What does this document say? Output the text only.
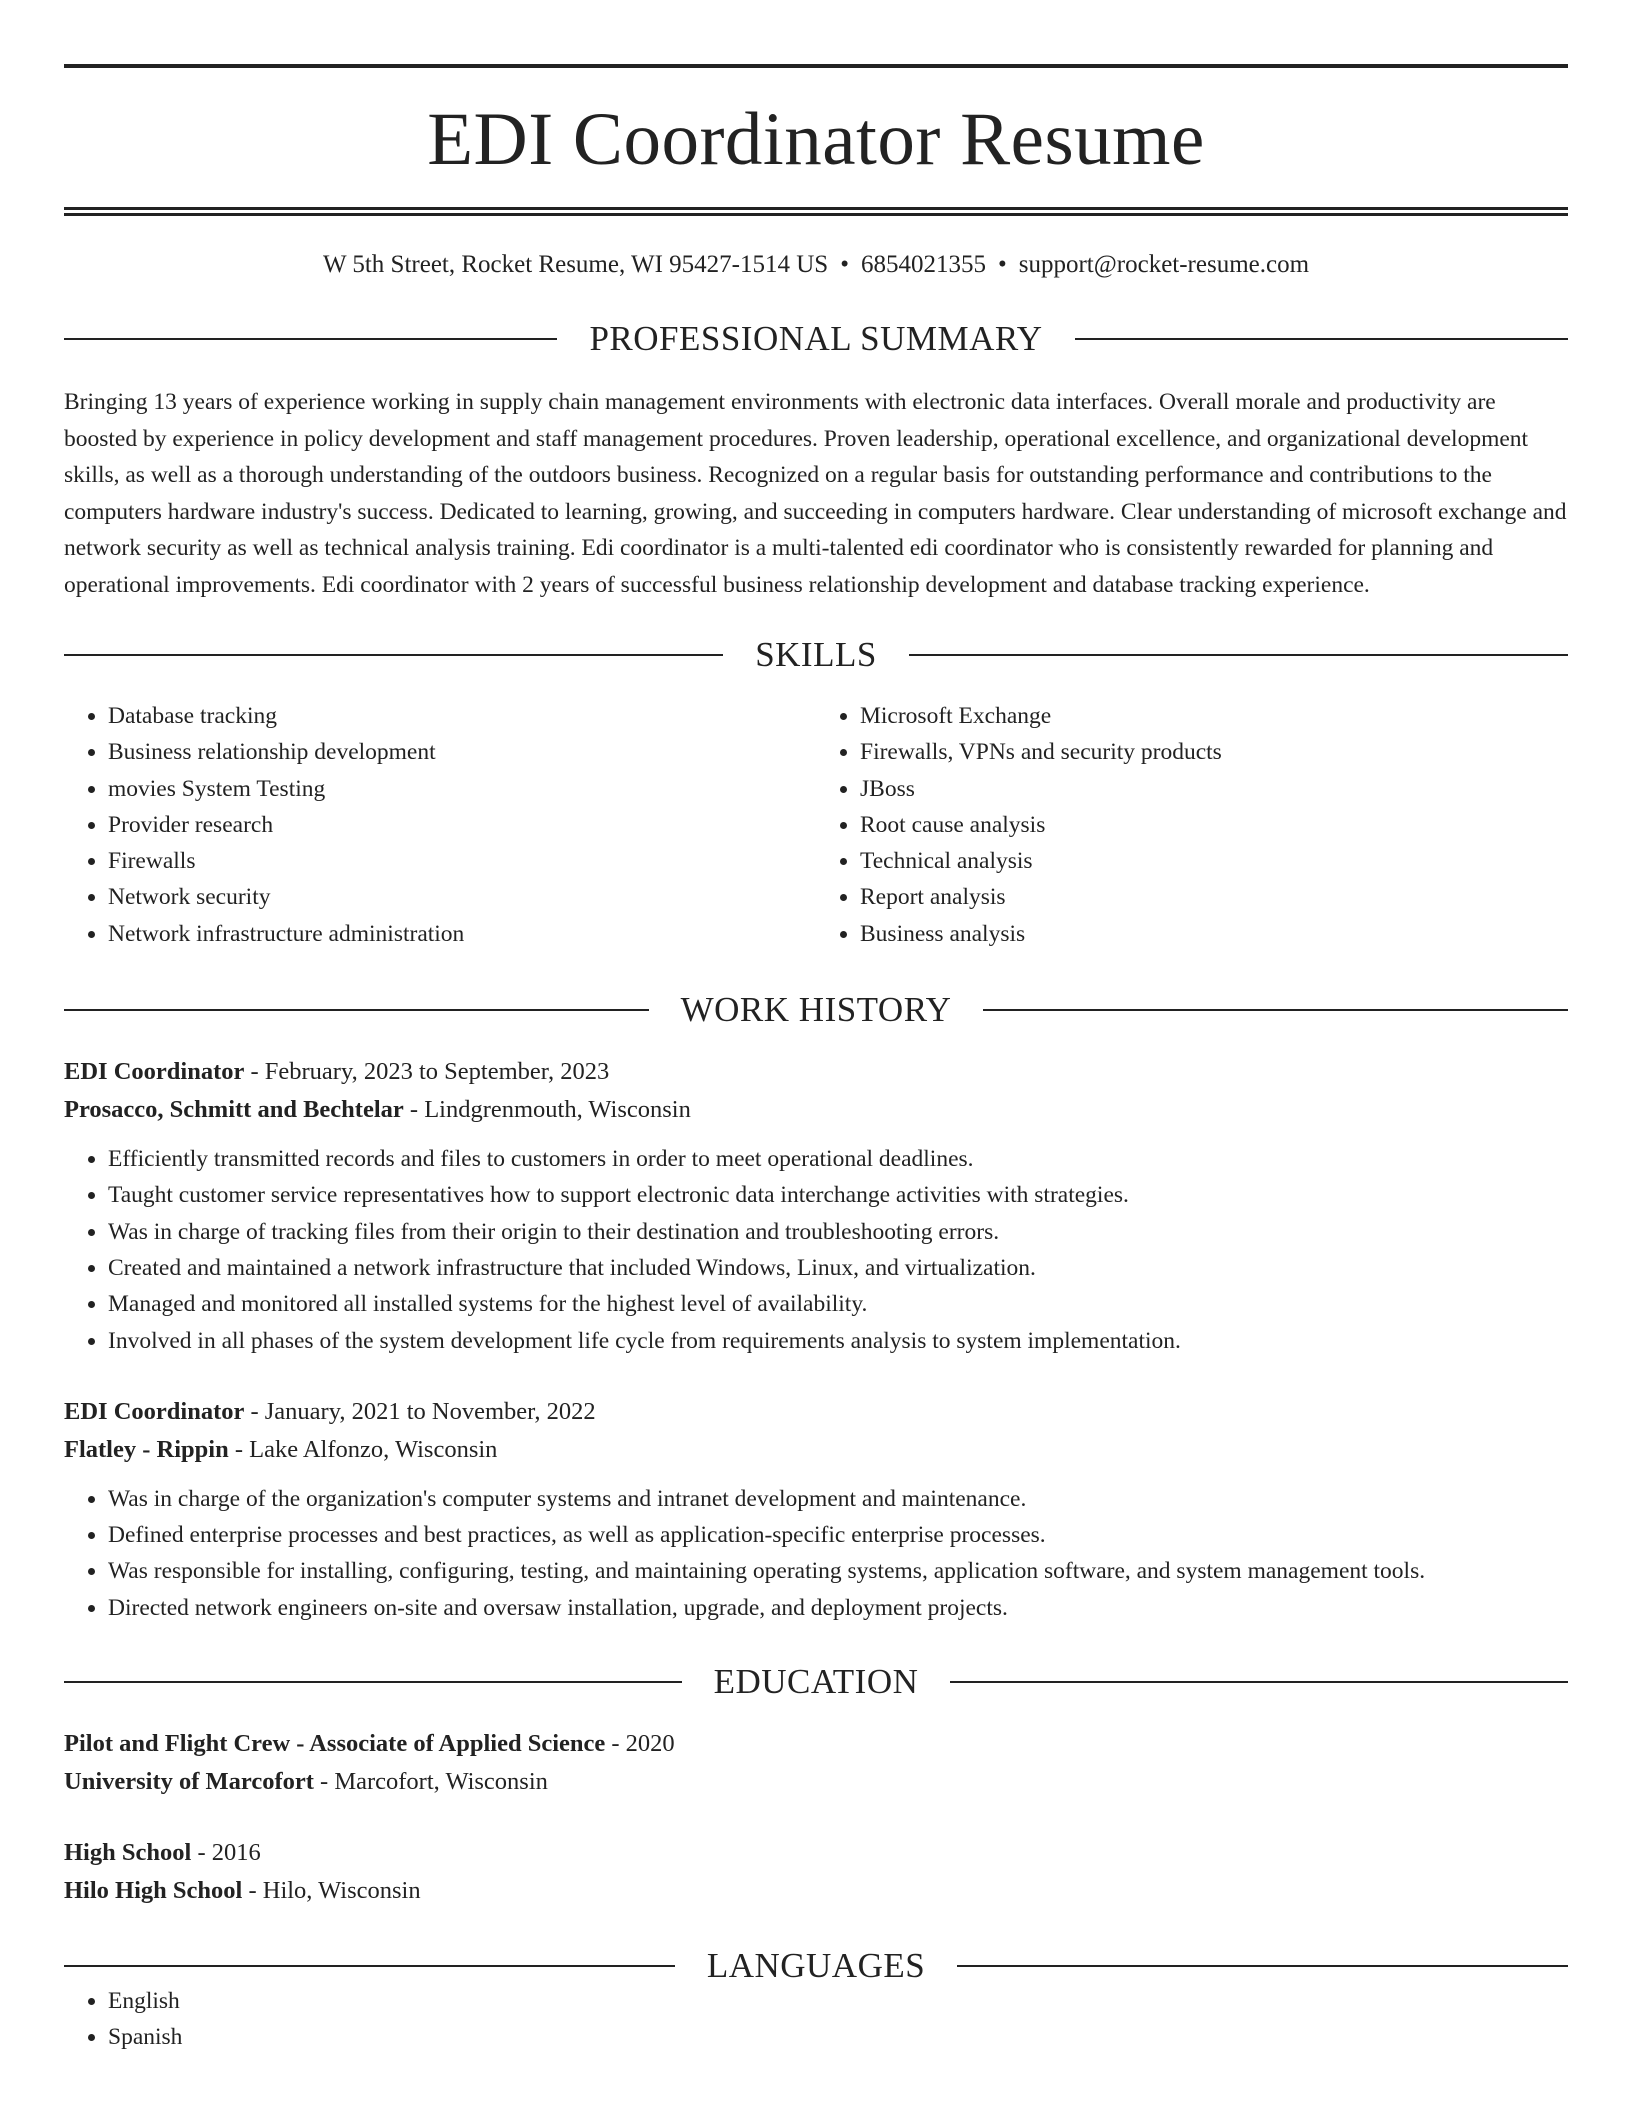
EDI Coordinator Resume
W 5th Street, Rocket Resume, WI 95427-1514 US • 6854021355 • support@rocket-resume.com
PROFESSIONAL SUMMARY
Bringing 13 years of experience working in supply chain management environments with electronic data interfaces. Overall morale and productivity are boosted by experience in policy development and staff management procedures. Proven leadership, operational excellence, and organizational development skills, as well as a thorough understanding of the outdoors business. Recognized on a regular basis for outstanding performance and contributions to the computers hardware industry's success. Dedicated to learning, growing, and succeeding in computers hardware. Clear understanding of microsoft exchange and network security as well as technical analysis training. Edi coordinator is a multi-talented edi coordinator who is consistently rewarded for planning and operational improvements. Edi coordinator with 2 years of successful business relationship development and database tracking experience.
SKILLS
• Database tracking
• Business relationship development
• movies System Testing
• Provider research
• Firewalls
• Network security
• Network infrastructure administration
• Microsoft Exchange
• Firewalls, VPNs and security products
• JBoss
• Root cause analysis
• Technical analysis
• Report analysis
• Business analysis
WORK HISTORY
EDI Coordinator - February, 2023 to September, 2023
Prosacco, Schmitt and Bechtelar - Lindgrenmouth, Wisconsin
• Efficiently transmitted records and files to customers in order to meet operational deadlines.
• Taught customer service representatives how to support electronic data interchange activities with strategies.
• Was in charge of tracking files from their origin to their destination and troubleshooting errors.
• Created and maintained a network infrastructure that included Windows, Linux, and virtualization.
• Managed and monitored all installed systems for the highest level of availability.
• Involved in all phases of the system development life cycle from requirements analysis to system implementation.
EDI Coordinator - January, 2021 to November, 2022
Flatley - Rippin - Lake Alfonzo, Wisconsin
• Was in charge of the organization's computer systems and intranet development and maintenance.
• Defined enterprise processes and best practices, as well as application-specific enterprise processes.
• Was responsible for installing, configuring, testing, and maintaining operating systems, application software, and system management tools.
• Directed network engineers on-site and oversaw installation, upgrade, and deployment projects.
EDUCATION
Pilot and Flight Crew - Associate of Applied Science - 2020
University of Marcofort - Marcofort, Wisconsin
High School - 2016
Hilo High School - Hilo, Wisconsin
LANGUAGES
• English
• Spanish
